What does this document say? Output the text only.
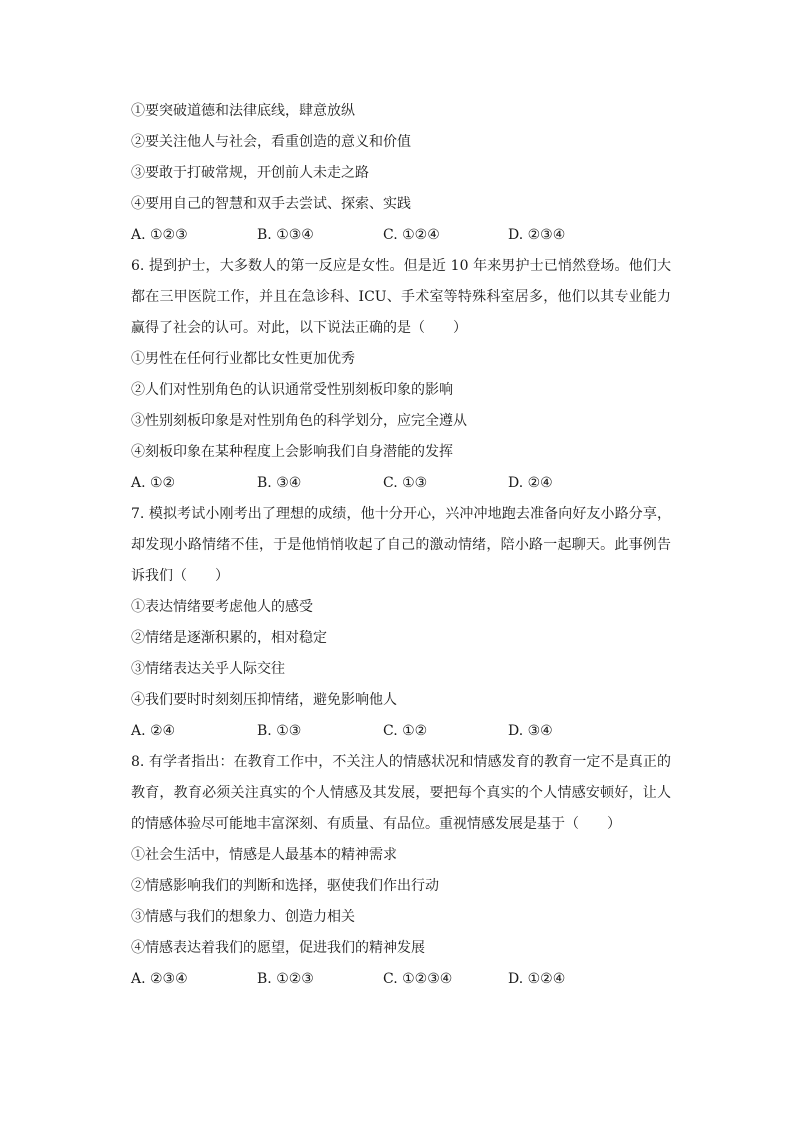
①要突破道德和法律底线，肆意放纵
②要关注他人与社会，看重创造的意义和价值
③要敢于打破常规，开创前人未走之路
④要用自己的智慧和双手去尝试、探索、实践
A. ①②③	B. ①③④	C. ①②④	D. ②③④
6. 提到护士，大多数人的第一反应是女性。但是近 10 年来男护士已悄然登场。他们大都在三甲医院工作，并且在急诊科、ICU、手术室等特殊科室居多，他们以其专业能力赢得了社会的认可。对此，以下说法正确的是（　　）
①男性在任何行业都比女性更加优秀
②人们对性别角色的认识通常受性别刻板印象的影响
③性别刻板印象是对性别角色的科学划分，应完全遵从
④刻板印象在某种程度上会影响我们自身潜能的发挥
A. ①②	B. ③④	C. ①③	D. ②④
7. 模拟考试小刚考出了理想的成绩，他十分开心，兴冲冲地跑去准备向好友小路分享，却发现小路情绪不佳，于是他悄悄收起了自己的激动情绪，陪小路一起聊天。此事例告诉我们（　　）
①表达情绪要考虑他人的感受
②情绪是逐渐积累的，相对稳定
③情绪表达关乎人际交往
④我们要时时刻刻压抑情绪，避免影响他人
A. ②④	B. ①③	C. ①②	D. ③④
8. 有学者指出：在教育工作中，不关注人的情感状况和情感发育的教育一定不是真正的教育，教育必须关注真实的个人情感及其发展，要把每个真实的个人情感安顿好，让人的情感体验尽可能地丰富深刻、有质量、有品位。重视情感发展是基于（　　）
①社会生活中，情感是人最基本的精神需求
②情感影响我们的判断和选择，驱使我们作出行动
③情感与我们的想象力、创造力相关
④情感表达着我们的愿望，促进我们的精神发展
A. ②③④	B. ①②③	C. ①②③④	D. ①②④
